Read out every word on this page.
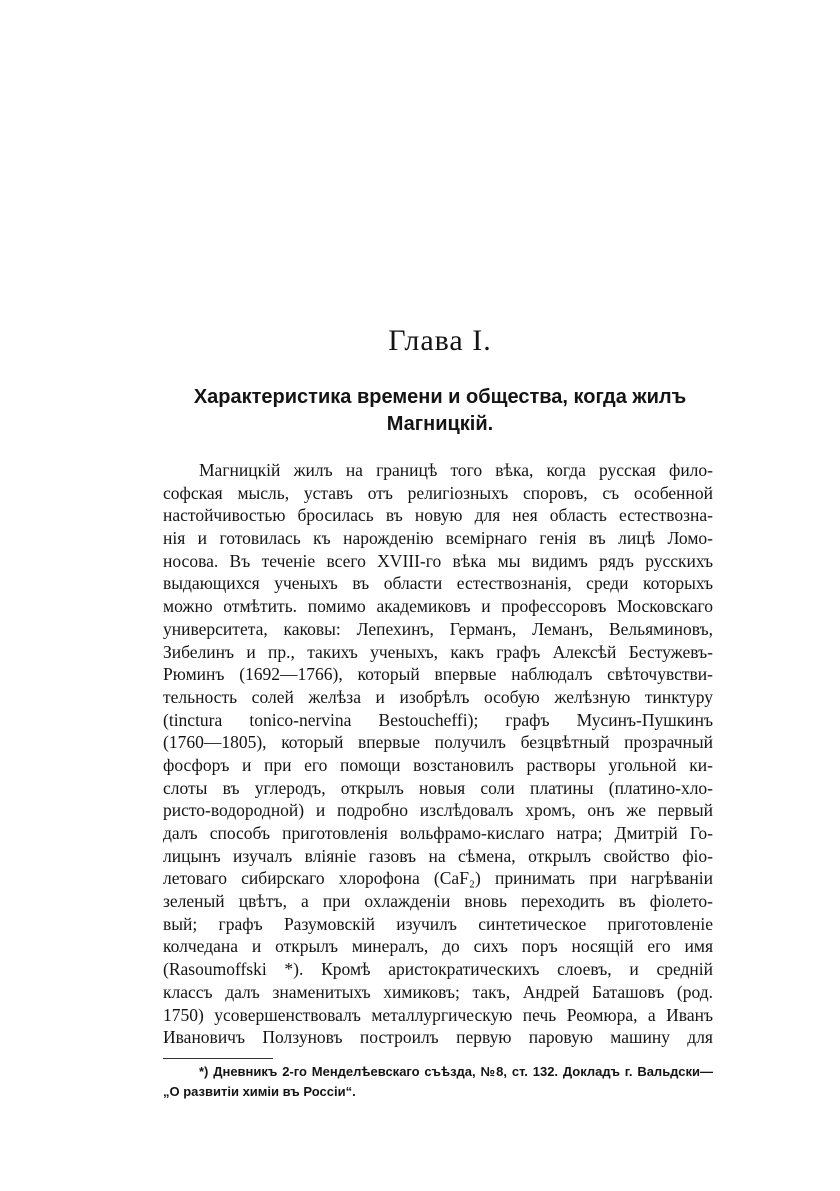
Глава I.
Характеристика времени и общества, когда жилъ
Магницкій.
Магницкій жилъ на границѣ того вѣка, когда русская фило-
софская мысль, уставъ отъ религіозныхъ споровъ, съ особенной
настойчивостью бросилась въ новую для нея область естествозна-
нія и готовилась къ нарожденію всемірнаго генія въ лицѣ Ломо-
носова. Въ теченіе всего XVIII-го вѣка мы видимъ рядъ русскихъ
выдающихся ученыхъ въ области естествознанія, среди которыхъ
можно отмѣтить. помимо академиковъ и профессоровъ Московскаго
университета, каковы: Лепехинъ, Германъ, Леманъ, Вельяминовъ,
Зибелинъ и пр., такихъ ученыхъ, какъ графъ Алексѣй Бестужевъ-
Рюминъ (1692—1766), который впервые наблюдалъ свѣточувстви-
тельность солей желѣза и изобрѣлъ особую желѣзную тинктуру
(tinctura tonico-nervina Bestoucheffi); графъ Мусинъ-Пушкинъ
(1760—1805), который впервые получилъ безцвѣтный прозрачный
фосфоръ и при его помощи возстановилъ растворы угольной ки-
слоты въ углеродъ, открылъ новыя соли платины (платино-хло-
ристо-водородной) и подробно изслѣдовалъ хромъ, онъ же первый
далъ способъ приготовленія вольфрамо-кислаго натра; Дмитрій Го-
лицынъ изучалъ вліяніе газовъ на сѣмена, открылъ свойство фіо-
летоваго сибирскаго хлорофона (CaF₂) принимать при нагрѣваніи
зеленый цвѣтъ, а при охлажденіи вновь переходить въ фіолето-
вый; графъ Разумовскій изучилъ синтетическое приготовленіе
колчедана и открылъ минералъ, до сихъ поръ носящій его имя
(Rasoumoffski *). Кромѣ аристократическихъ слоевъ, и средній
классъ далъ знаменитыхъ химиковъ; такъ, Андрей Баташовъ (род.
1750) усовершенствовалъ металлургическую печь Реомюра, а Иванъ
Ивановичъ Ползуновъ построилъ первую паровую машину для
*) Дневникъ 2-го Менделѣевскаго съѣзда, №8, ст. 132. Докладъ г. Вальдски—
„О развитіи химіи въ Россіи“.
